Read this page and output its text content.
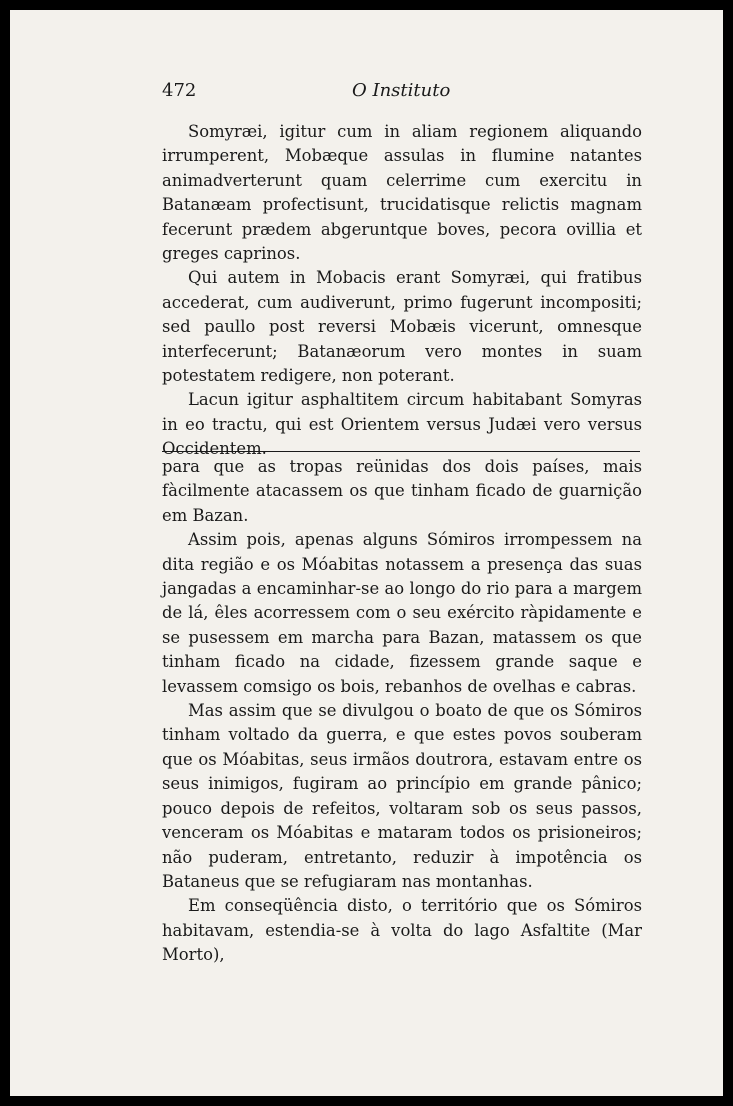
472	O Instituto

Somyræi, igitur cum in aliam regionem aliquando irrumperent, Mobæque assulas in flumine natantes animadverterunt quam celerrime cum exercitu in Batanæam profectisunt, trucidatisque relictis magnam fecerunt prædem abgeruntque boves, pecora ovillia et greges caprinos.

Qui autem in Mobacis erant Somyræi, qui fratibus accederat, cum audiverunt, primo fugerunt incompositi; sed paullo post reversi Mobæis vicerunt, omnesque interfecerunt; Batanæorum vero montes in suam potestatem redigere, non poterant.

Lacun igitur asphaltitem circum habitabant Somyras in eo tractu, qui est Orientem versus Judæi vero versus Occidentem.

para que as tropas reünidas dos dois países, mais fàcilmente atacassem os que tinham ficado de guarnição em Bazan.

Assim pois, apenas alguns Sómiros irrompessem na dita região e os Móabitas notassem a presença das suas jangadas a encaminhar-se ao longo do rio para a margem de lá, êles acorressem com o seu exército ràpidamente e se pusessem em marcha para Bazan, matassem os que tinham ficado na cidade, fizessem grande saque e levassem comsigo os bois, rebanhos de ovelhas e cabras.

Mas assim que se divulgou o boato de que os Sómiros tinham voltado da guerra, e que estes povos souberam que os Móabitas, seus irmãos doutrora, estavam entre os seus inimigos, fugiram ao princípio em grande pânico; pouco depois de refeitos, voltaram sob os seus passos, venceram os Móabitas e mataram todos os prisioneiros; não puderam, entretanto, reduzir à impotência os Bataneus que se refugiaram nas montanhas.

Em conseqüência disto, o território que os Sómiros habitavam, estendia-se à volta do lago Asfaltite (Mar Morto),
